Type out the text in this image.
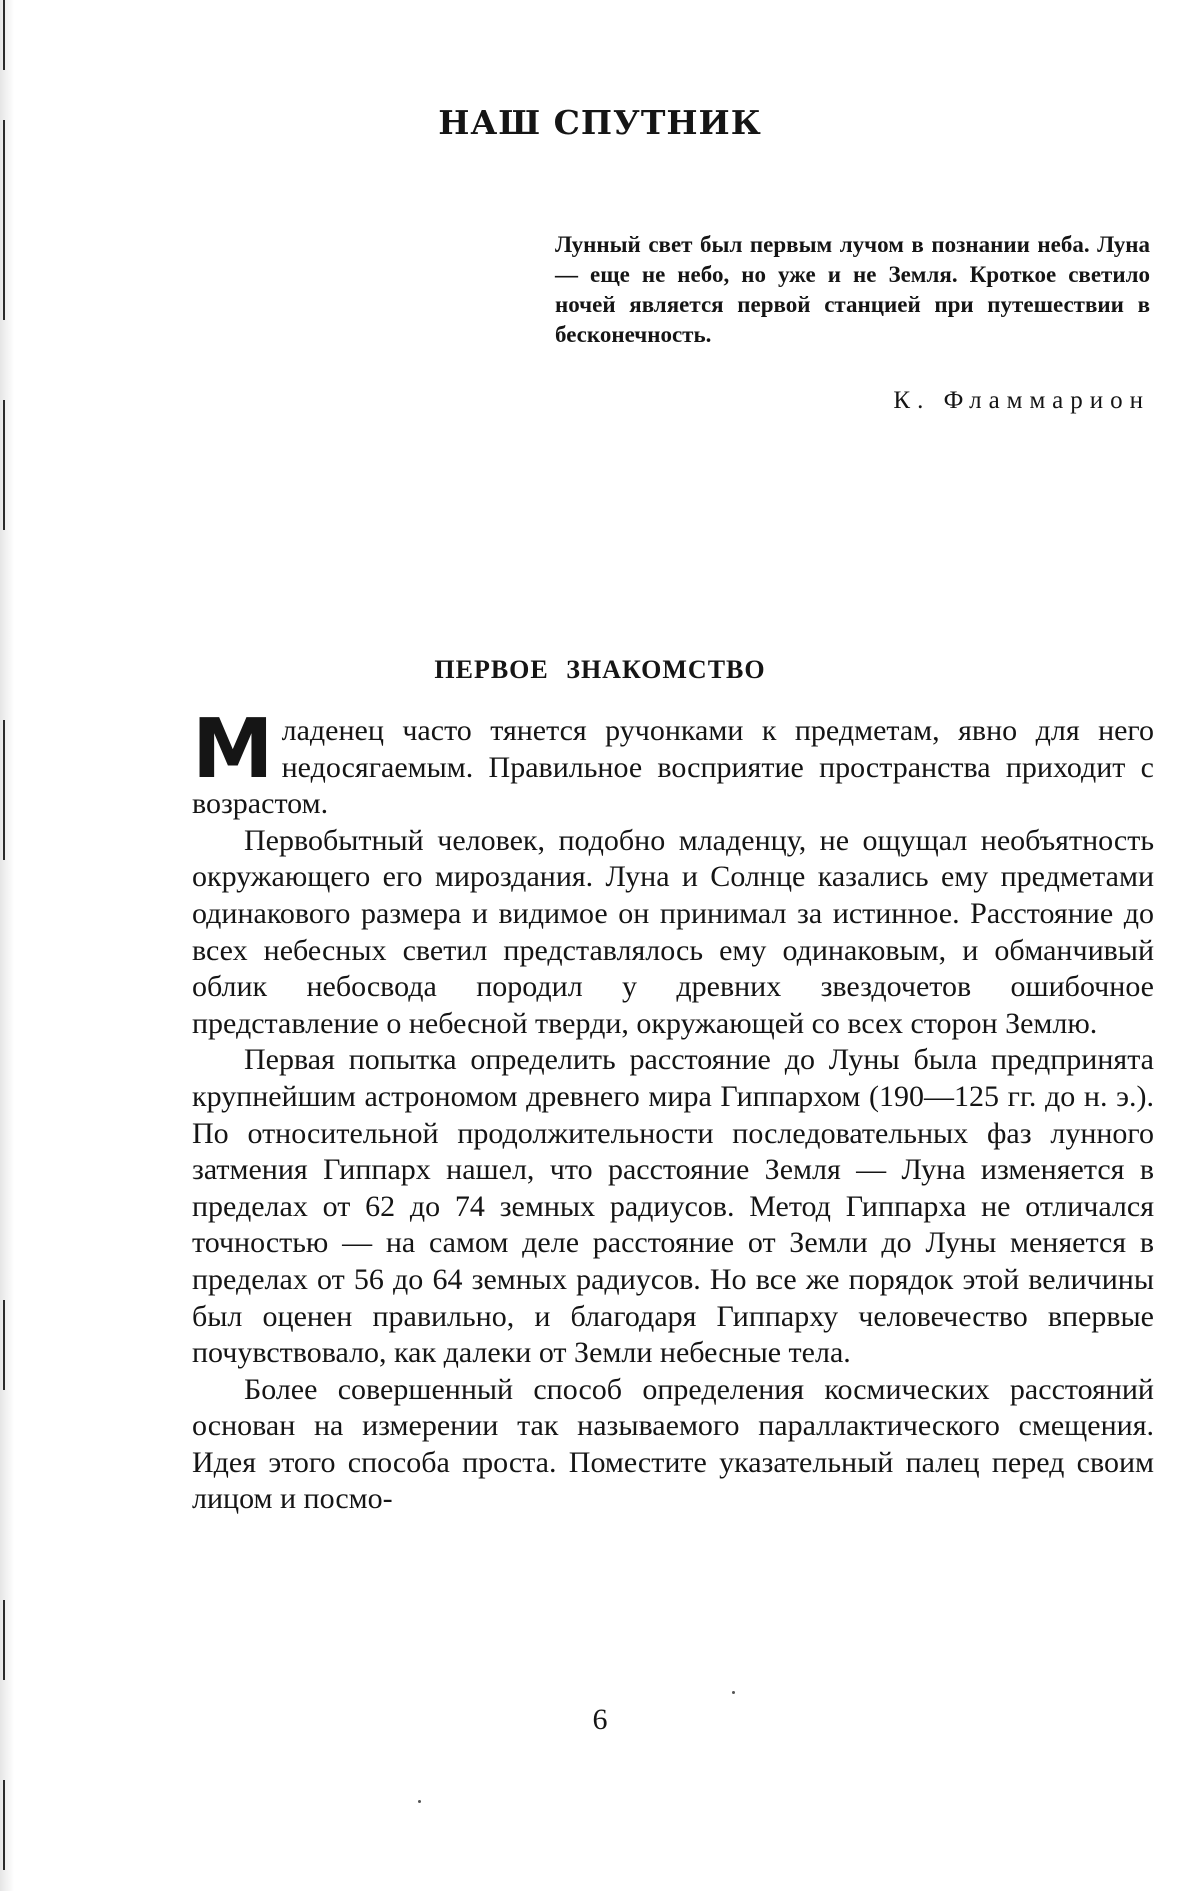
НАШ СПУТНИК
Лунный свет был первым лучом в познании неба. Луна — еще не небо, но уже и не Земля. Кроткое светило ночей является первой станцией при путешествии в бесконечность.
К. Фламмарион
ПЕРВОЕ ЗНАКОМСТВО

Младенец часто тянется ручонками к предметам, явно для него недосягаемым. Правильное восприятие пространства приходит с возрастом.

Первобытный человек, подобно младенцу, не ощущал необъятность окружающего его мироздания. Луна и Солнце казались ему предметами одинакового размера и видимое он принимал за истинное. Расстояние до всех небесных светил представлялось ему одинаковым, и обманчивый облик небосвода породил у древних звездочетов ошибочное представление о небесной тверди, окружающей со всех сторон Землю.

Первая попытка определить расстояние до Луны была предпринята крупнейшим астрономом древнего мира Гиппархом (190—125 гг. до н. э.). По относительной продолжительности последовательных фаз лунного затмения Гиппарх нашел, что расстояние Земля — Луна изменяется в пределах от 62 до 74 земных радиусов. Метод Гиппарха не отличался точностью — на самом деле расстояние от Земли до Луны меняется в пределах от 56 до 64 земных радиусов. Но все же порядок этой величины был оценен правильно, и благодаря Гиппарху человечество впервые почувствовало, как далеки от Земли небесные тела.

Более совершенный способ определения космических расстояний основан на измерении так называемого параллактического смещения. Идея этого способа проста. Поместите указательный палец перед своим лицом и посмо-

6
